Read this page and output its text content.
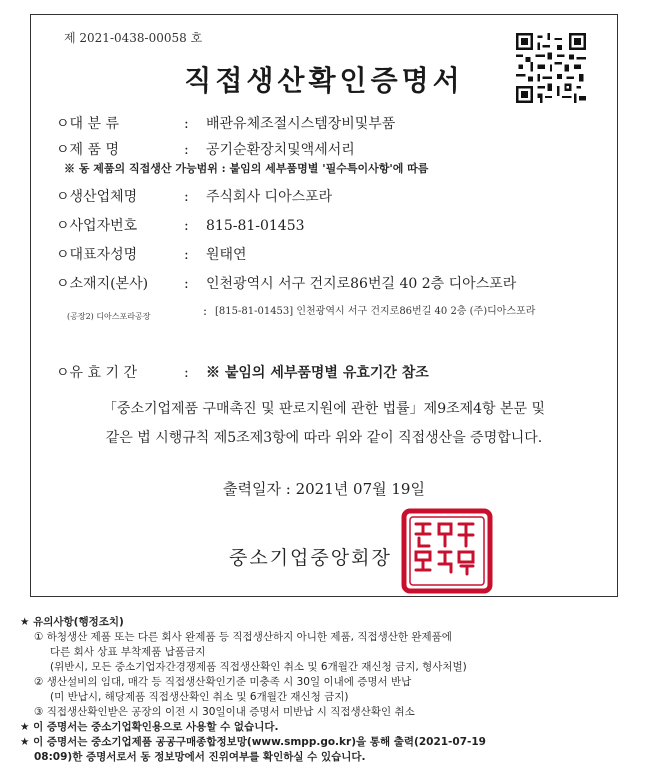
제 2021-0438-00058 호
직접생산확인증명서
ㅇ대 분 류	: 배관유체조절시스템장비및부품
ㅇ제 품 명	: 공기순환장치및액세서리
※ 동 제품의 직접생산 가능범위 : 붙임의 세부품명별 '필수특이사항'에 따름
ㅇ생산업체명	: 주식회사 디아스포라
ㅇ사업자번호	: 815-81-01453
ㅇ대표자성명	: 원태연
ㅇ소재지(본사)	: 인천광역시 서구 건지로86번길 40 2층 디아스포라
(공장2) 디아스포라공장	: [815-81-01453] 인천광역시 서구 건지로86번길 40 2층 (주)디아스포라
ㅇ유 효 기 간	: ※ 붙임의 세부품명별 유효기간 참조
「중소기업제품 구매촉진 및 판로지원에 관한 법률」제9조제4항 본문 및
같은 법 시행규칙 제5조제3항에 따라 위와 같이 직접생산을 증명합니다.
출력일자 : 2021년 07월 19일
중소기업중앙회장
★ 유의사항(행정조치)
① 하청생산 제품 또는 다른 회사 완제품 등 직접생산하지 아니한 제품, 직접생산한 완제품에
다른 회사 상표 부착제품 납품금지
(위반시, 모든 중소기업자간경쟁제품 직접생산확인 취소 및 6개월간 재신청 금지, 형사처벌)
② 생산설비의 임대, 매각 등 직접생산확인기준 미충족 시 30일 이내에 증명서 반납
(미 반납시, 해당제품 직접생산확인 취소 및 6개월간 재신청 금지)
③ 직접생산확인받은 공장의 이전 시 30일이내 증명서 미반납 시 직접생산확인 취소
★ 이 증명서는 중소기업확인용으로 사용할 수 없습니다.
★ 이 증명서는 중소기업제품 공공구매종합정보망(www.smpp.go.kr)을 통해 출력(2021-07-19
08:09)한 증명서로서 동 정보망에서 진위여부를 확인하실 수 있습니다.
